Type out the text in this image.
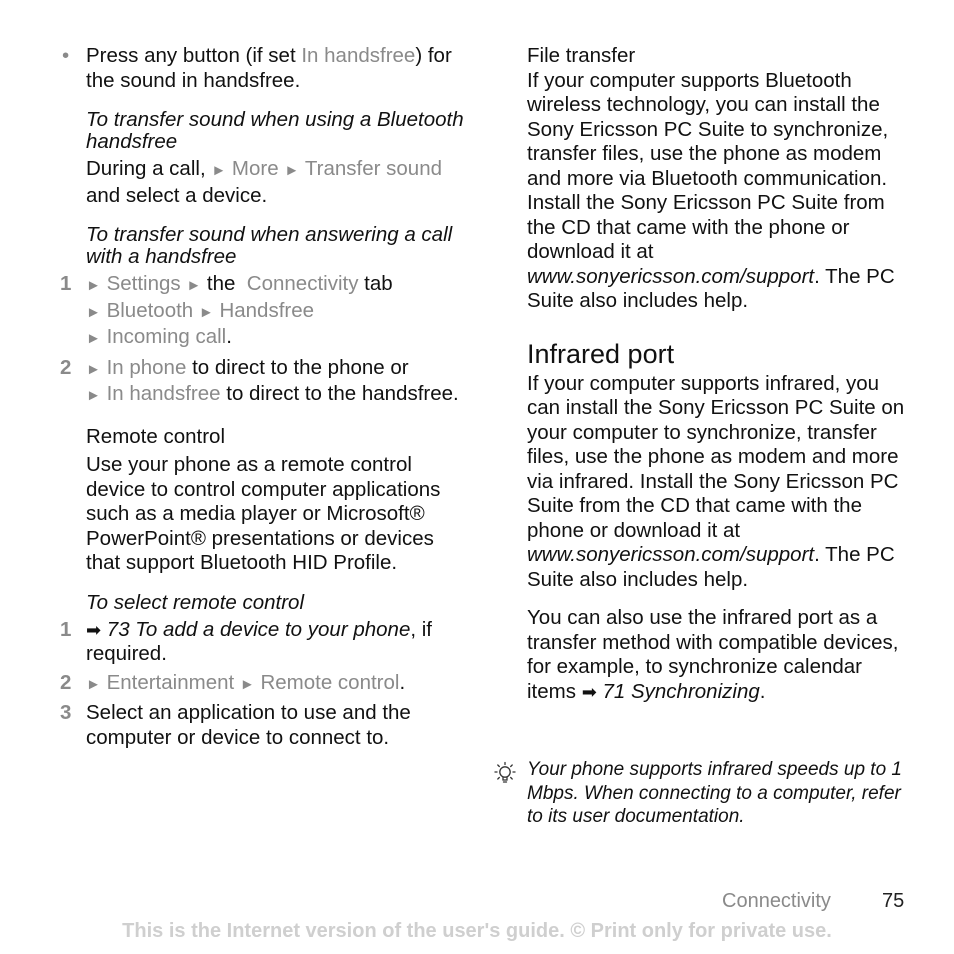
• Press any button (if set In handsfree) for the sound in handsfree.

To transfer sound when using a Bluetooth handsfree

During a call, ► More ► Transfer sound and select a device.

To transfer sound when answering a call with a handsfree

1 ► Settings ► the  Connectivity tab
► Bluetooth ► Handsfree
► Incoming call.

2 ► In phone to direct to the phone or
► In handsfree to direct to the handsfree.

Remote control

Use your phone as a remote control device to control computer applications such as a media player or Microsoft® PowerPoint® presentations or devices that support Bluetooth HID Profile.

To select remote control

1 ➡ 73 To add a device to your phone, if required.

2 ► Entertainment ► Remote control.

3 Select an application to use and the computer or device to connect to.

File transfer

If your computer supports Bluetooth wireless technology, you can install the Sony Ericsson PC Suite to synchronize, transfer files, use the phone as modem and more via Bluetooth communication. Install the Sony Ericsson PC Suite from the CD that came with the phone or download it at www.sonyericsson.com/support. The PC Suite also includes help.

Infrared port

If your computer supports infrared, you can install the Sony Ericsson PC Suite on your computer to synchronize, transfer files, use the phone as modem and more via infrared. Install the Sony Ericsson PC Suite from the CD that came with the phone or download it at www.sonyericsson.com/support. The PC Suite also includes help.

You can also use the infrared port as a transfer method with compatible devices, for example, to synchronize calendar items ➡ 71 Synchronizing.

Your phone supports infrared speeds up to 1 Mbps. When connecting to a computer, refer to its user documentation.

Connectivity	75
This is the Internet version of the user's guide. © Print only for private use.
